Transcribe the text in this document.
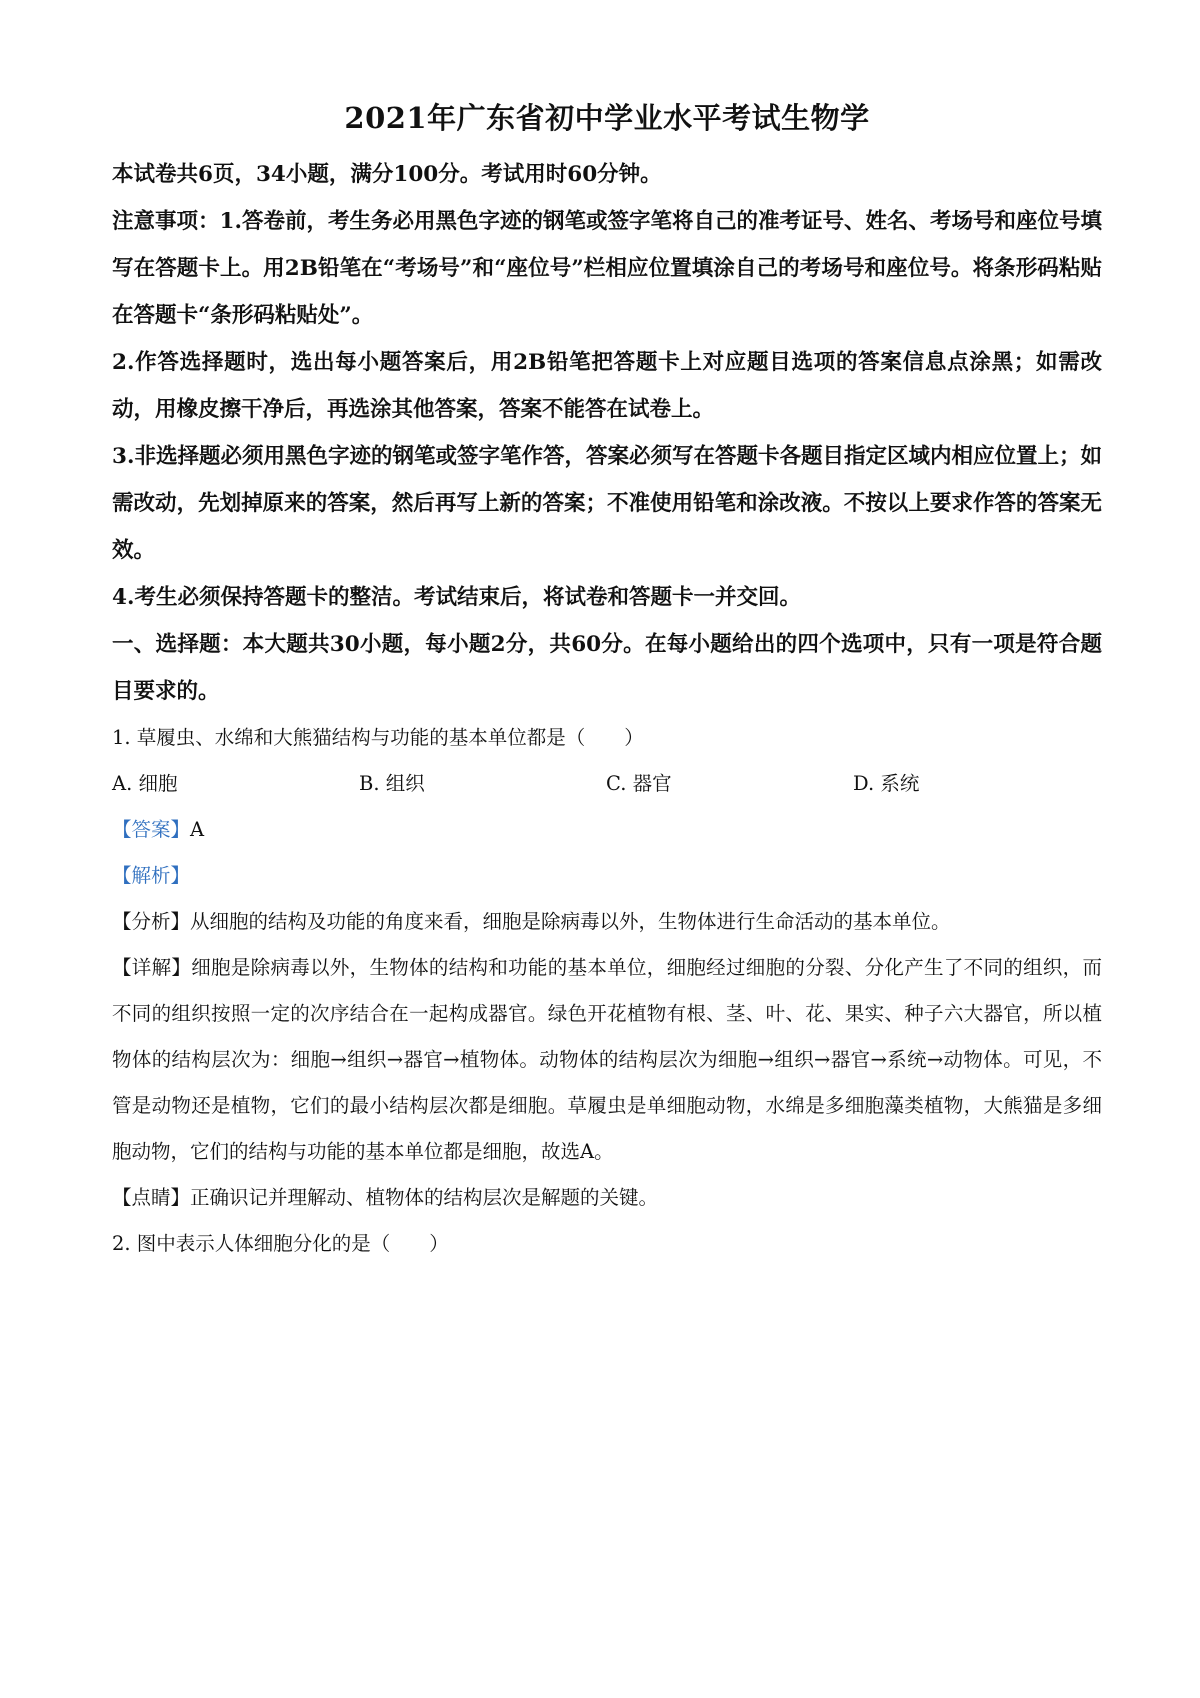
2021年广东省初中学业水平考试生物学

本试卷共6页，34小题，满分100分。考试用时60分钟。

注意事项：1.答卷前，考生务必用黑色字迹的钢笔或签字笔将自己的准考证号、姓名、考场号和座位号填写在答题卡上。用2B铅笔在“考场号”和“座位号”栏相应位置填涂自己的考场号和座位号。将条形码粘贴在答题卡“条形码粘贴处”。

2.作答选择题时，选出每小题答案后，用2B铅笔把答题卡上对应题目选项的答案信息点涂黑；如需改动，用橡皮擦干净后，再选涂其他答案，答案不能答在试卷上。

3.非选择题必须用黑色字迹的钢笔或签字笔作答，答案必须写在答题卡各题目指定区域内相应位置上；如需改动，先划掉原来的答案，然后再写上新的答案；不准使用铅笔和涂改液。不按以上要求作答的答案无效。

4.考生必须保持答题卡的整洁。考试结束后，将试卷和答题卡一并交回。

一、选择题：本大题共30小题，每小题2分，共60分。在每小题给出的四个选项中，只有一项是符合题目要求的。

1. 草履虫、水绵和大熊猫结构与功能的基本单位都是（　　）

A. 细胞	B. 组织	C. 器官	D. 系统

【答案】A

【解析】

【分析】从细胞的结构及功能的角度来看，细胞是除病毒以外，生物体进行生命活动的基本单位。

【详解】细胞是除病毒以外，生物体的结构和功能的基本单位，细胞经过细胞的分裂、分化产生了不同的组织，而不同的组织按照一定的次序结合在一起构成器官。绿色开花植物有根、茎、叶、花、果实、种子六大器官，所以植物体的结构层次为：细胞→组织→器官→植物体。动物体的结构层次为细胞→组织→器官→系统→动物体。可见，不管是动物还是植物，它们的最小结构层次都是细胞。草履虫是单细胞动物，水绵是多细胞藻类植物，大熊猫是多细胞动物，它们的结构与功能的基本单位都是细胞，故选A。

【点睛】正确识记并理解动、植物体的结构层次是解题的关键。

2. 图中表示人体细胞分化的是（　　）
